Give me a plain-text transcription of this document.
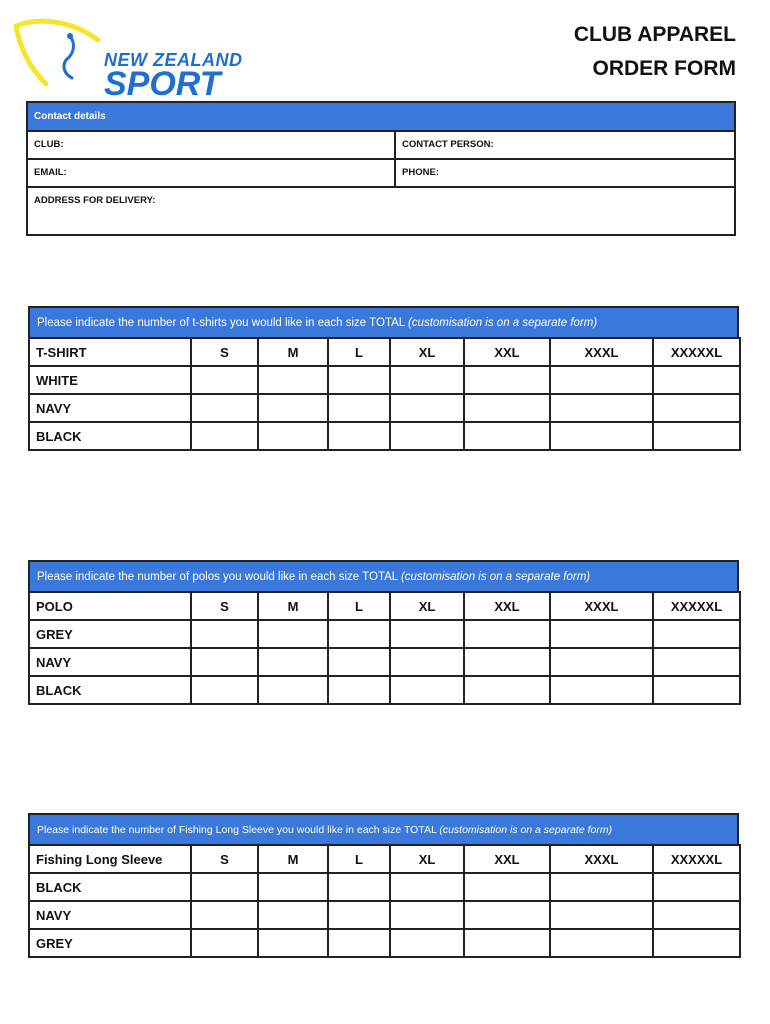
NEW ZEALAND
SPORT
CLUB APPAREL
ORDER FORM
Contact details
CLUB:	CONTACT PERSON:
EMAIL:	PHONE:
ADDRESS FOR DELIVERY:
Please indicate the number of t-shirts you would like in each size TOTAL (customisation is on a separate form)
T-SHIRT	S	M	L	XL	XXL	XXXL	XXXXXL
WHITE							
NAVY							
BLACK							
Please indicate the number of polos you would like in each size TOTAL (customisation is on a separate form)
POLO	S	M	L	XL	XXL	XXXL	XXXXXL
GREY							
NAVY							
BLACK							
Please indicate the number of Fishing Long Sleeve you would like in each size TOTAL (customisation is on a separate form)
Fishing Long Sleeve	S	M	L	XL	XXL	XXXL	XXXXXL
BLACK							
NAVY							
GREY							
